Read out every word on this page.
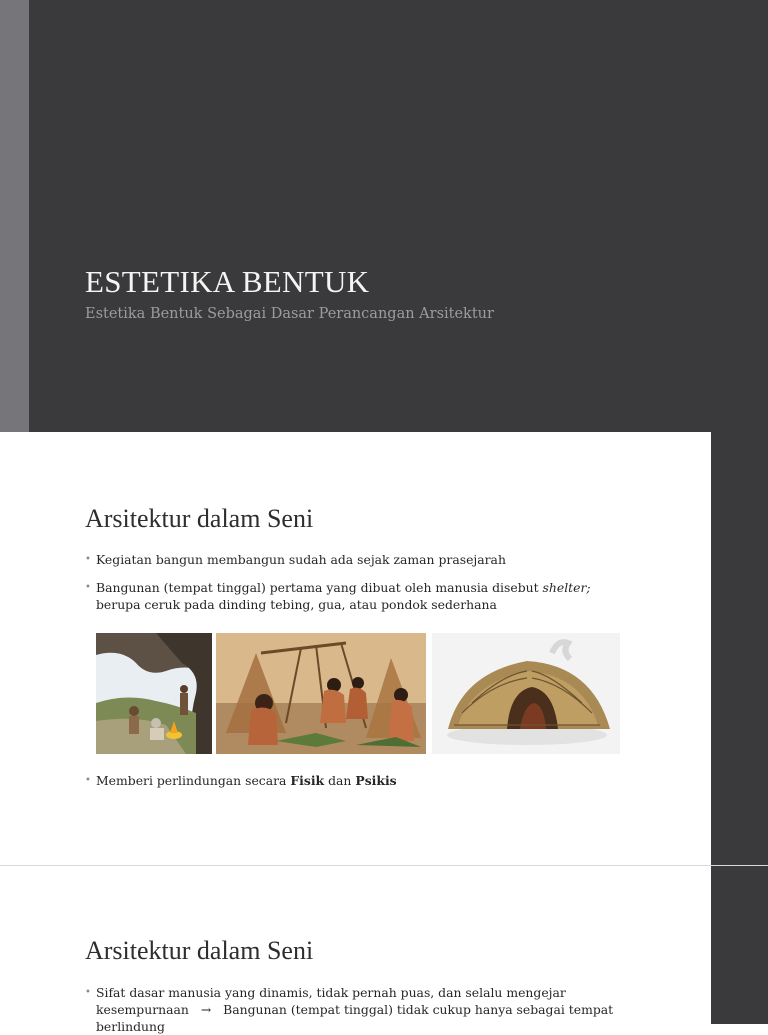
ESTETIKA BENTUK
Estetika Bentuk Sebagai Dasar Perancangan Arsitektur
Arsitektur dalam Seni
• Kegiatan bangun membangun sudah ada sejak zaman prasejarah
• Bangunan (tempat tinggal) pertama yang dibuat oleh manusia disebut shelter; berupa ceruk pada dinding tebing, gua, atau pondok sederhana
• Memberi perlindungan secara Fisik dan Psikis
Arsitektur dalam Seni
• Sifat dasar manusia yang dinamis, tidak pernah puas, dan selalu mengejar kesempurnaan → Bangunan (tempat tinggal) tidak cukup hanya sebagai tempat berlindung
